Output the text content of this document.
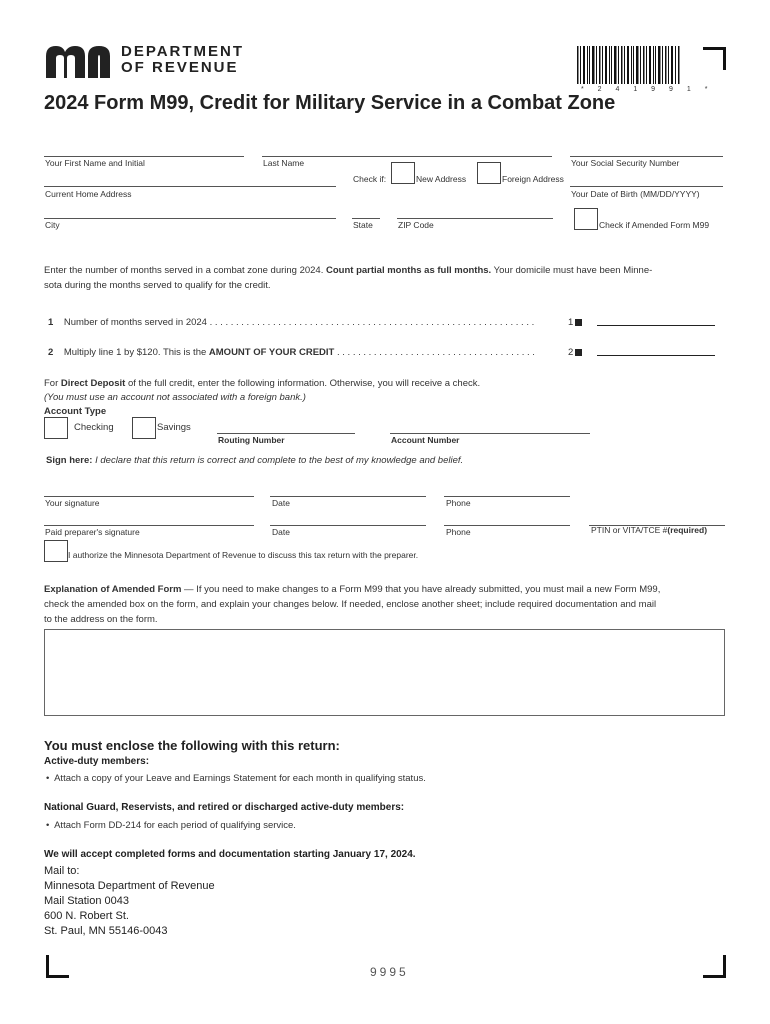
DEPARTMENT
OF REVENUE
* 2 4 1 9 9 1 *
2024 Form M99, Credit for Military Service in a Combat Zone
Your First Name and Initial	Last Name	Your Social Security Number
Check if:	New Address	Foreign Address
Current Home Address	Your Date of Birth (MM/DD/YYYY)
City	State	ZIP Code	Check if Amended Form M99
Enter the number of months served in a combat zone during 2024. Count partial months as full months. Your domicile must have been Minne-
sota during the months served to qualify for the credit.
1 Number of months served in 2024 . . . . . . . . . . . . . . . . . . . . . . . . . . . . . . . . . . . . . . . . . . . . . . . . . . . . . . . . . . . . . .	1
2 Multiply line 1 by $120. This is the AMOUNT OF YOUR CREDIT . . . . . . . . . . . . . . . . . . . . . . . . . . . . . . . . . . . . . .	2
For Direct Deposit of the full credit, enter the following information. Otherwise, you will receive a check.
(You must use an account not associated with a foreign bank.)
Account Type
Checking	Savings
Routing Number	Account Number
Sign here: I declare that this return is correct and complete to the best of my knowledge and belief.
Your signature	Date	Phone
Paid preparer's signature	Date	Phone	PTIN or VITA/TCE #(required)
I authorize the Minnesota Department of Revenue to discuss this tax return with the preparer.
Explanation of Amended Form — If you need to make changes to a Form M99 that you have already submitted, you must mail a new Form M99,
check the amended box on the form, and explain your changes below. If needed, enclose another sheet; include required documentation and mail
to the address on the form.
You must enclose the following with this return:
Active-duty members:
•  Attach a copy of your Leave and Earnings Statement for each month in qualifying status.
National Guard, Reservists, and retired or discharged active-duty members:
•  Attach Form DD-214 for each period of qualifying service.
We will accept completed forms and documentation starting January 17, 2024.
Mail to:
Minnesota Department of Revenue
Mail Station 0043
600 N. Robert St.
St. Paul, MN 55146-0043
9995
